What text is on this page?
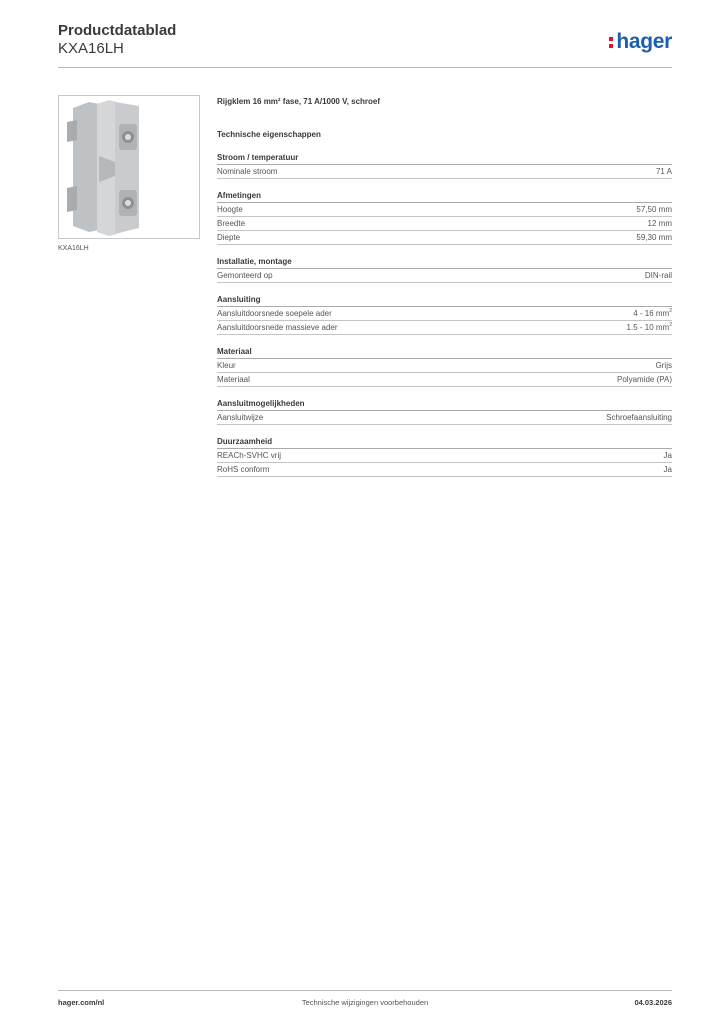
Productdatablad
KXA16LH	hager
KXA16LH
Rijgklem 16 mm² fase, 71 A/1000 V, schroef
Technische eigenschappen
Stroom / temperatuur
Nominale stroom	71 A
Afmetingen
Hoogte	57,50 mm
Breedte	12 mm
Diepte	59,30 mm
Installatie, montage
Gemonteerd op	DIN-rail
Aansluiting
Aansluitdoorsnede soepele ader	4 - 16 $mm^2$
Aansluitdoorsnede massieve ader	1.5 - 10 $mm^2$
Materiaal
Kleur	Grijs
Materiaal	Polyamide (PA)
Aansluitmogelijkheden
Aansluitwijze	Schroefaansluiting
Duurzaamheid
REACh-SVHC vrij	Ja
RoHS conform	Ja
hager.com/nl	Technische wijzigingen voorbehouden	04.03.2026
